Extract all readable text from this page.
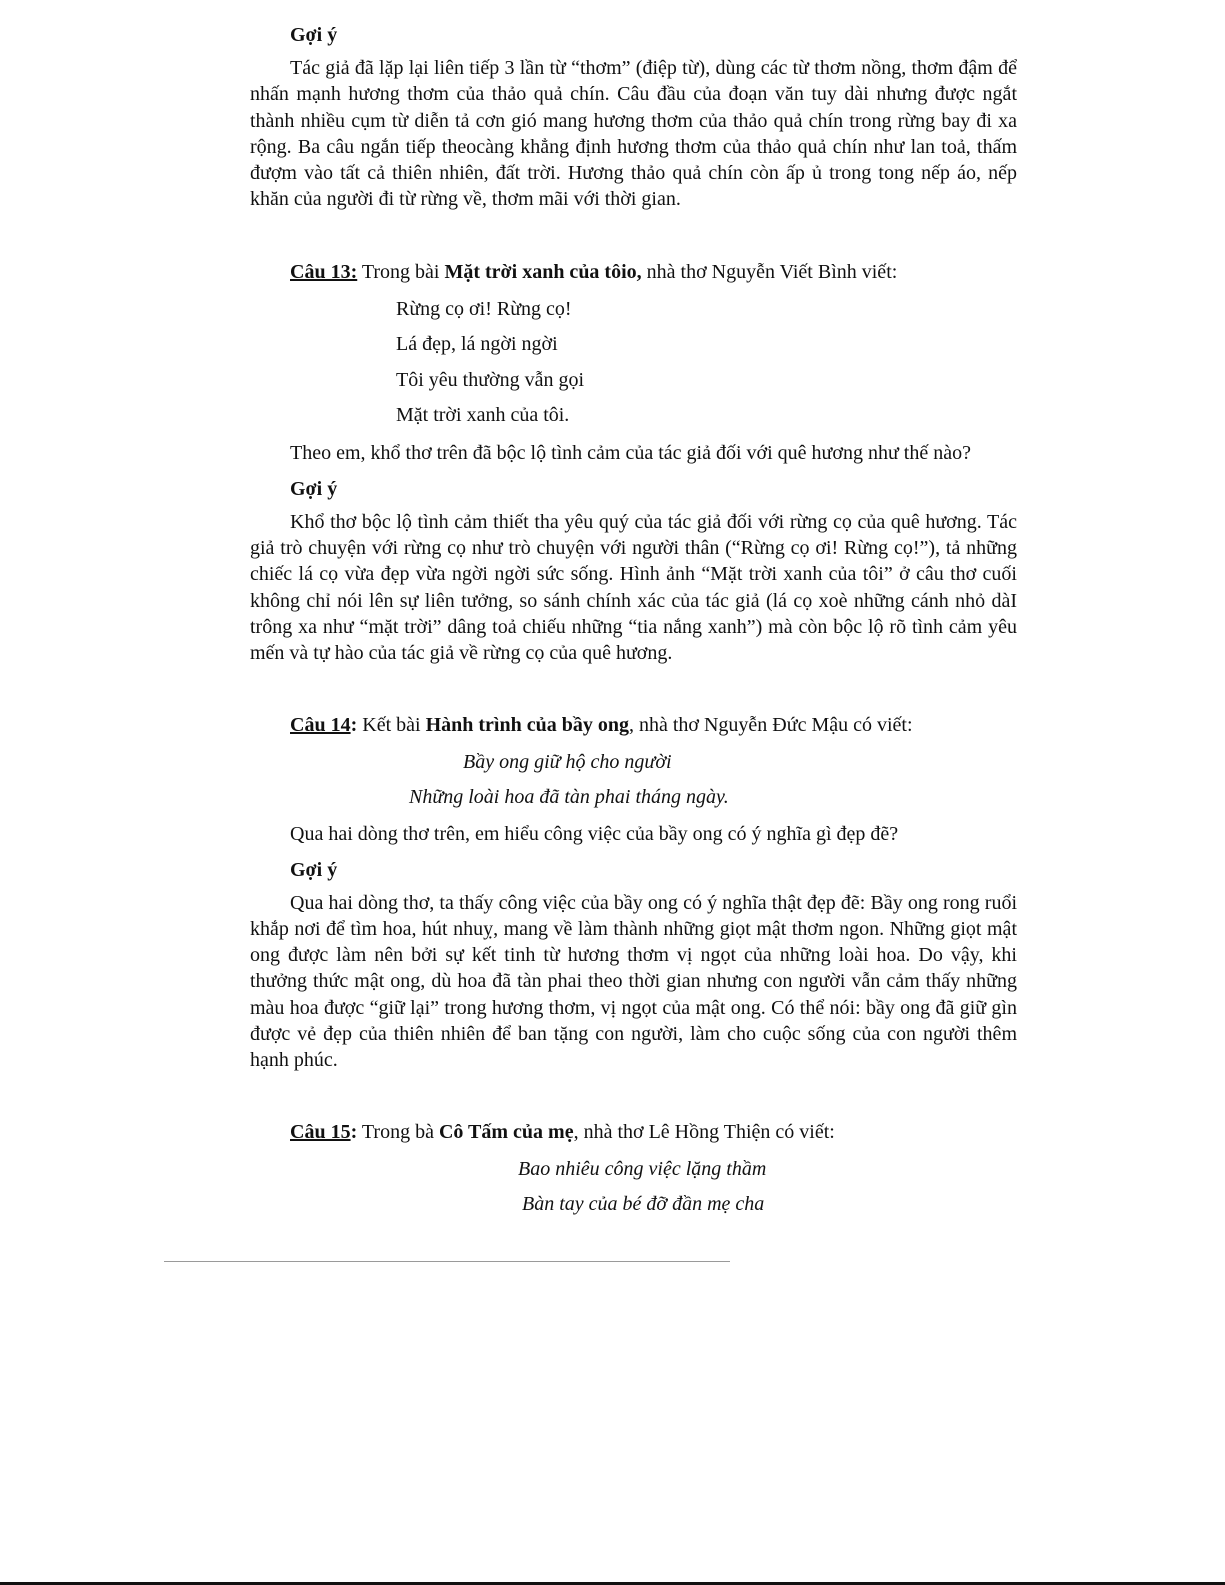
Gợi ý

Tác giả đã lặp lại liên tiếp 3 lần từ “thơm” (điệp từ), dùng các từ thơm nồng, thơm đậm để nhấn mạnh hương thơm của thảo quả chín. Câu đầu của đoạn văn tuy dài nhưng được ngắt thành nhiều cụm từ diễn tả cơn gió mang hương thơm của thảo quả chín trong rừng bay đi xa rộng. Ba câu ngắn tiếp theocàng khẳng định hương thơm của thảo quả chín như lan toả, thấm đượm vào tất cả thiên nhiên, đất trời. Hương thảo quả chín còn ấp ủ trong tong nếp áo, nếp khăn của người đi từ rừng về, thơm mãi với thời gian.

Câu 13: Trong bài Mặt trời xanh của tôio, nhà thơ Nguyễn Viết Bình viết:
Rừng cọ ơi! Rừng cọ!
Lá đẹp, lá ngời ngời
Tôi yêu thường vẫn gọi
Mặt trời xanh của tôi.
Theo em, khổ thơ trên đã bộc lộ tình cảm của tác giả đối với quê hương như thế nào?
Gợi ý

Khổ thơ bộc lộ tình cảm thiết tha yêu quý của tác giả đối với rừng cọ của quê hương. Tác giả trò chuyện với rừng cọ như trò chuyện với người thân (“Rừng cọ ơi! Rừng cọ!”), tả những chiếc lá cọ vừa đẹp vừa ngời ngời sức sống. Hình ảnh “Mặt trời xanh của tôi” ở câu thơ cuối không chỉ nói lên sự liên tưởng, so sánh chính xác của tác giả (lá cọ xoè những cánh nhỏ dàI trông xa như “mặt trời” dâng toả chiếu những “tia nắng xanh”) mà còn bộc lộ rõ tình cảm yêu mến và tự hào của tác giả về rừng cọ của quê hương.

Câu 14: Kết bài Hành trình của bầy ong, nhà thơ Nguyễn Đức Mậu có viết:
Bầy ong giữ hộ cho người
Những loài hoa đã tàn phai tháng ngày.
Qua hai dòng thơ trên, em hiểu công việc của bầy ong có ý nghĩa gì đẹp đẽ?
Gợi ý

Qua hai dòng thơ, ta thấy công việc của bầy ong có ý nghĩa thật đẹp đẽ: Bầy ong rong ruổi khắp nơi để tìm hoa, hút nhuỵ, mang về làm thành những giọt mật thơm ngon. Những giọt mật ong được làm nên bởi sự kết tinh từ hương thơm vị ngọt của những loài hoa. Do vậy, khi thưởng thức mật ong, dù hoa đã tàn phai theo thời gian nhưng con người vẫn cảm thấy những màu hoa được “giữ lại” trong hương thơm, vị ngọt của mật ong. Có thể nói: bầy ong đã giữ gìn được vẻ đẹp của thiên nhiên để ban tặng con người, làm cho cuộc sống của con người thêm hạnh phúc.

Câu 15: Trong bà Cô Tấm của mẹ, nhà thơ Lê Hồng Thiện có viết:
Bao nhiêu công việc lặng thầm
Bàn tay của bé đỡ đần mẹ cha
